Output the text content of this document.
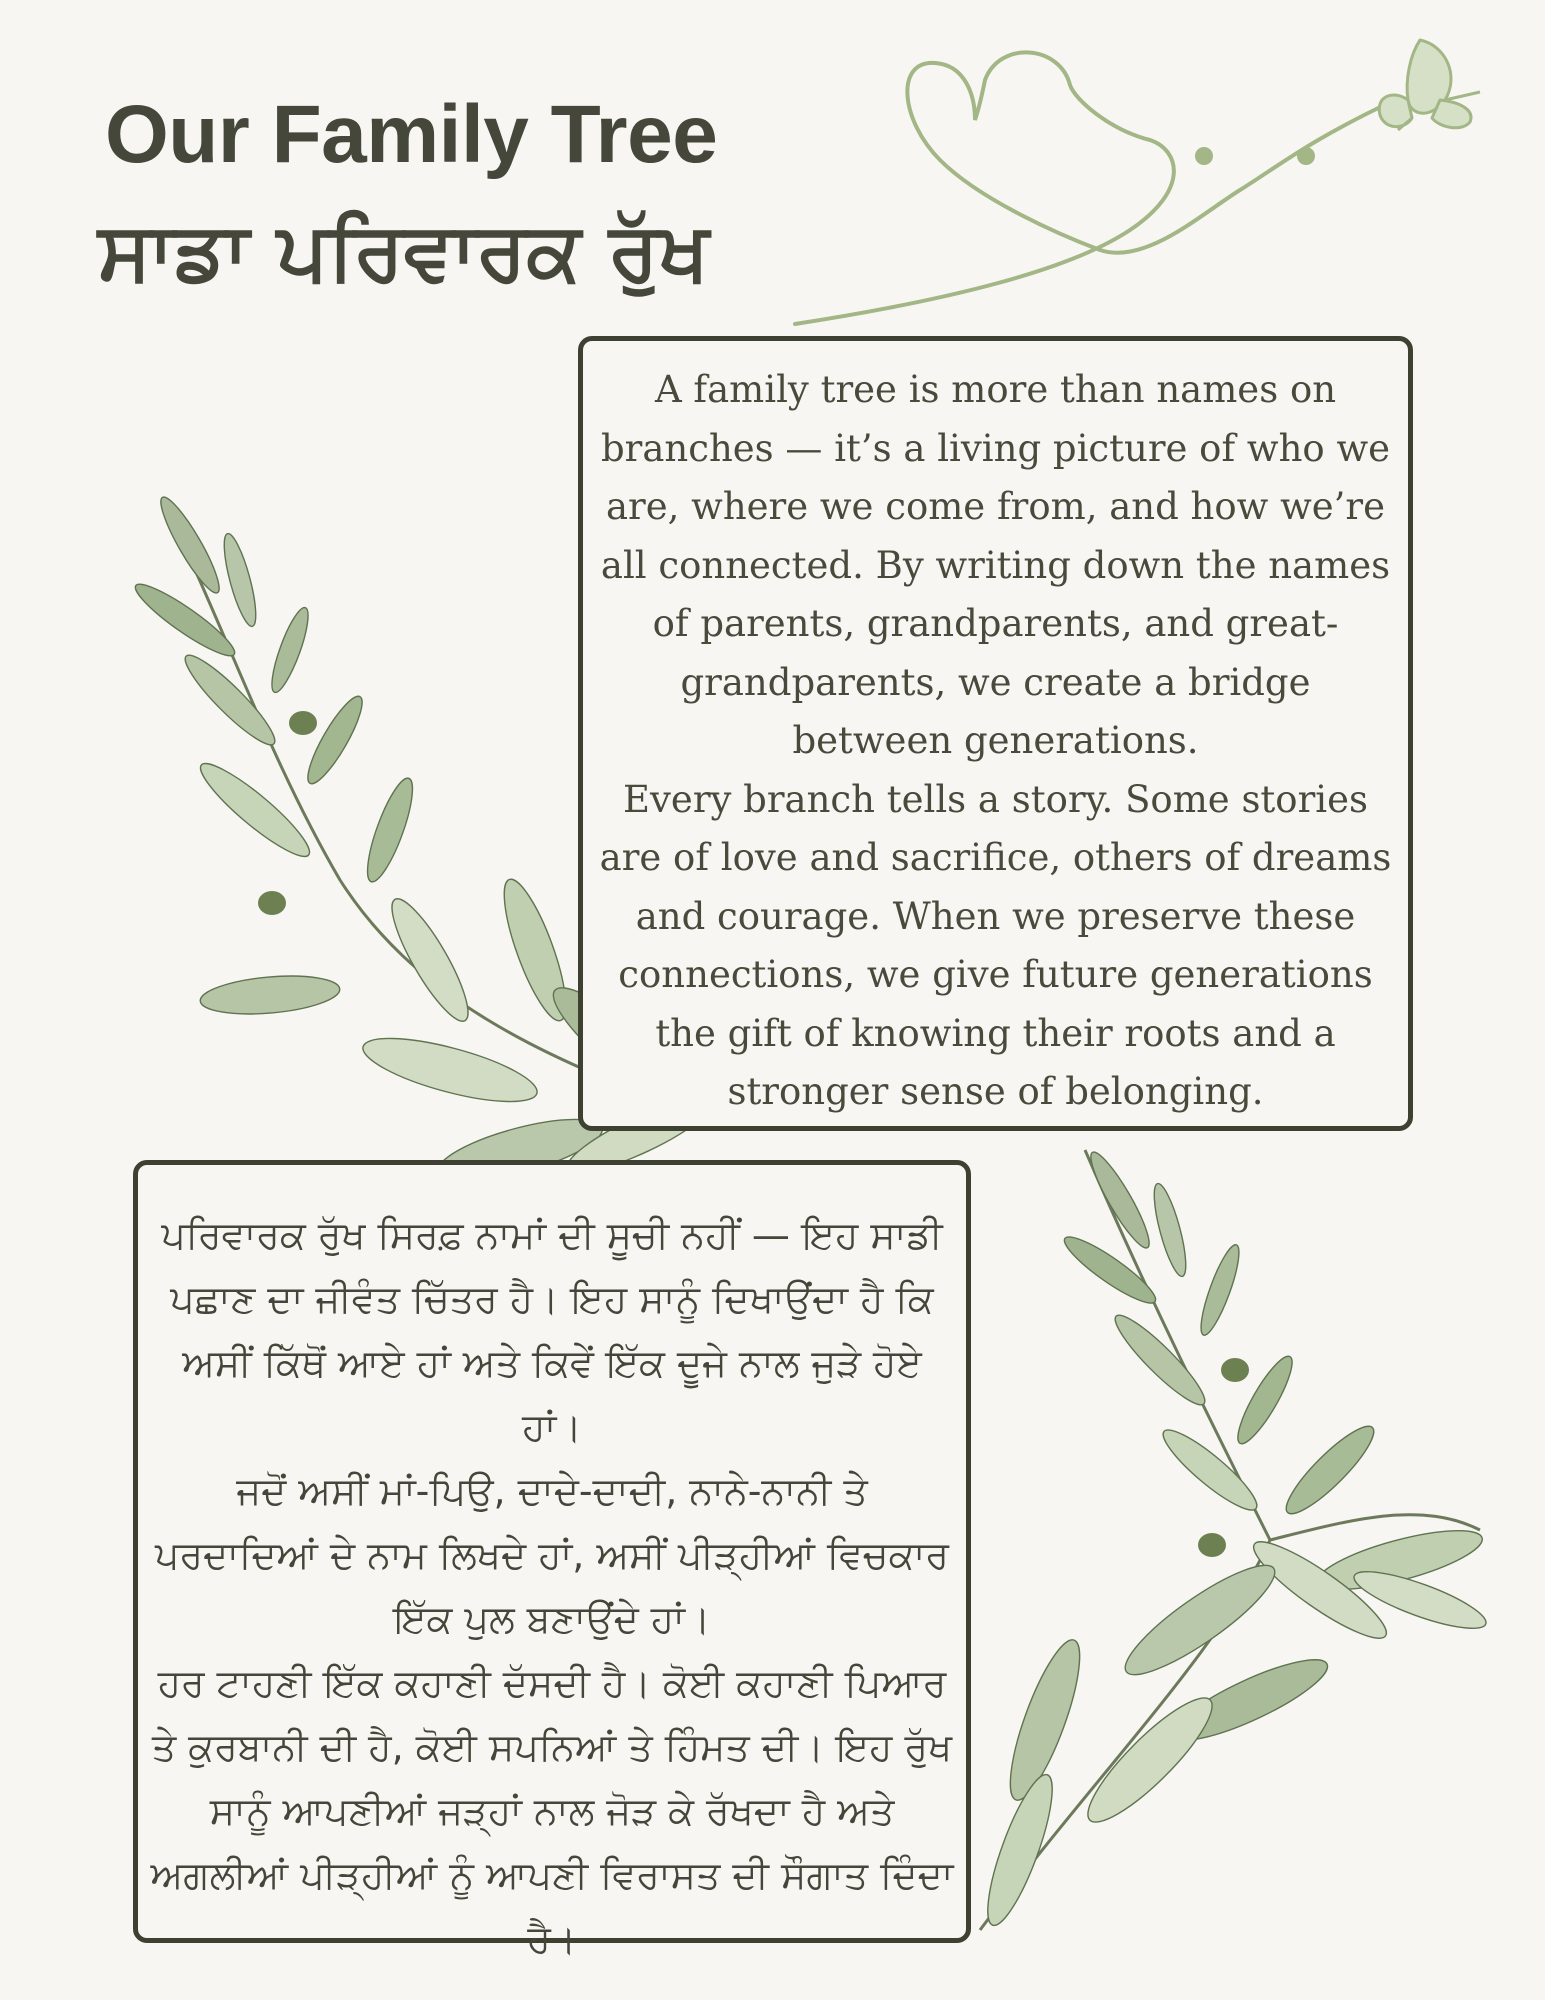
Our Family Tree
ਸਾਡਾ ਪਰਿਵਾਰਕ ਰੁੱਖ

A family tree is more than names on branches — it’s a living picture of who we are, where we come from, and how we’re all connected. By writing down the names of parents, grandparents, and great-grandparents, we create a bridge between generations.

Every branch tells a story. Some stories are of love and sacrifice, others of dreams and courage. When we preserve these connections, we give future generations the gift of knowing their roots and a stronger sense of belonging.

ਪਰਿਵਾਰਕ ਰੁੱਖ ਸਿਰਫ਼ ਨਾਮਾਂ ਦੀ ਸੂਚੀ ਨਹੀਂ — ਇਹ ਸਾਡੀ ਪਛਾਣ ਦਾ ਜੀਵੰਤ ਚਿੱਤਰ ਹੈ। ਇਹ ਸਾਨੂੰ ਦਿਖਾਉਂਦਾ ਹੈ ਕਿ ਅਸੀਂ ਕਿੱਥੋਂ ਆਏ ਹਾਂ ਅਤੇ ਕਿਵੇਂ ਇੱਕ ਦੂਜੇ ਨਾਲ ਜੁੜੇ ਹੋਏ ਹਾਂ।

ਜਦੋਂ ਅਸੀਂ ਮਾਂ-ਪਿਉ, ਦਾਦੇ-ਦਾਦੀ, ਨਾਨੇ-ਨਾਨੀ ਤੇ ਪਰਦਾਦਿਆਂ ਦੇ ਨਾਮ ਲਿਖਦੇ ਹਾਂ, ਅਸੀਂ ਪੀੜ੍ਹੀਆਂ ਵਿਚਕਾਰ ਇੱਕ ਪੁਲ ਬਣਾਉਂਦੇ ਹਾਂ।

ਹਰ ਟਾਹਣੀ ਇੱਕ ਕਹਾਣੀ ਦੱਸਦੀ ਹੈ। ਕੋਈ ਕਹਾਣੀ ਪਿਆਰ ਤੇ ਕੁਰਬਾਨੀ ਦੀ ਹੈ, ਕੋਈ ਸਪਨਿਆਂ ਤੇ ਹਿੰਮਤ ਦੀ। ਇਹ ਰੁੱਖ ਸਾਨੂੰ ਆਪਣੀਆਂ ਜੜ੍ਹਾਂ ਨਾਲ ਜੋੜ ਕੇ ਰੱਖਦਾ ਹੈ ਅਤੇ ਅਗਲੀਆਂ ਪੀੜ੍ਹੀਆਂ ਨੂੰ ਆਪਣੀ ਵਿਰਾਸਤ ਦੀ ਸੌਗਾਤ ਦਿੰਦਾ ਹੈ।
